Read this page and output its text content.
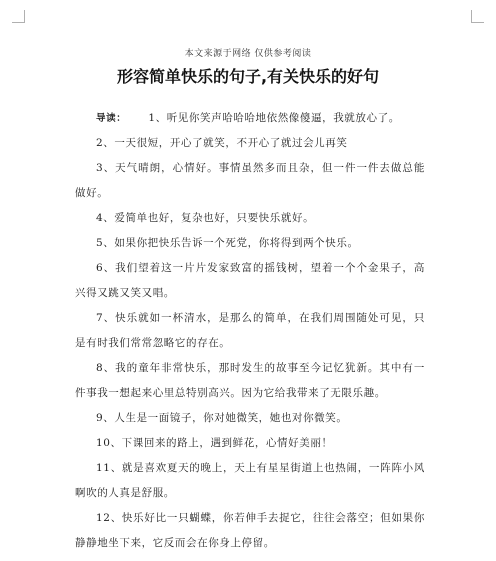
本文来源于网络 仅供参考阅读
形容简单快乐的句子,有关快乐的好句

导读： 1、听见你笑声哈哈哈地依然像傻逼，我就放心了。

2、一天很短，开心了就笑，不开心了就过会儿再笑

3、天气晴朗，心情好。事情虽然多而且杂，但一件一件去做总能做好。

4、爱简单也好，复杂也好，只要快乐就好。

5、如果你把快乐告诉一个死党，你将得到两个快乐。

6、我们望着这一片片发家致富的摇钱树，望着一个个金果子，高兴得又跳又笑又唱。

7、快乐就如一杯清水，是那么的简单，在我们周围随处可见，只是有时我们常常忽略它的存在。

8、我的童年非常快乐，那时发生的故事至今记忆犹新。其中有一件事我一想起来心里总特别高兴。因为它给我带来了无限乐趣。

9、人生是一面镜子，你对她微笑，她也对你微笑。

10、下课回来的路上，遇到鲜花，心情好美丽！

11、就是喜欢夏天的晚上，天上有星星街道上也热闹，一阵阵小风啊吹的人真是舒服。

12、快乐好比一只蝴蝶，你若伸手去捉它，往往会落空；但如果你静静地坐下来，它反而会在你身上停留。
